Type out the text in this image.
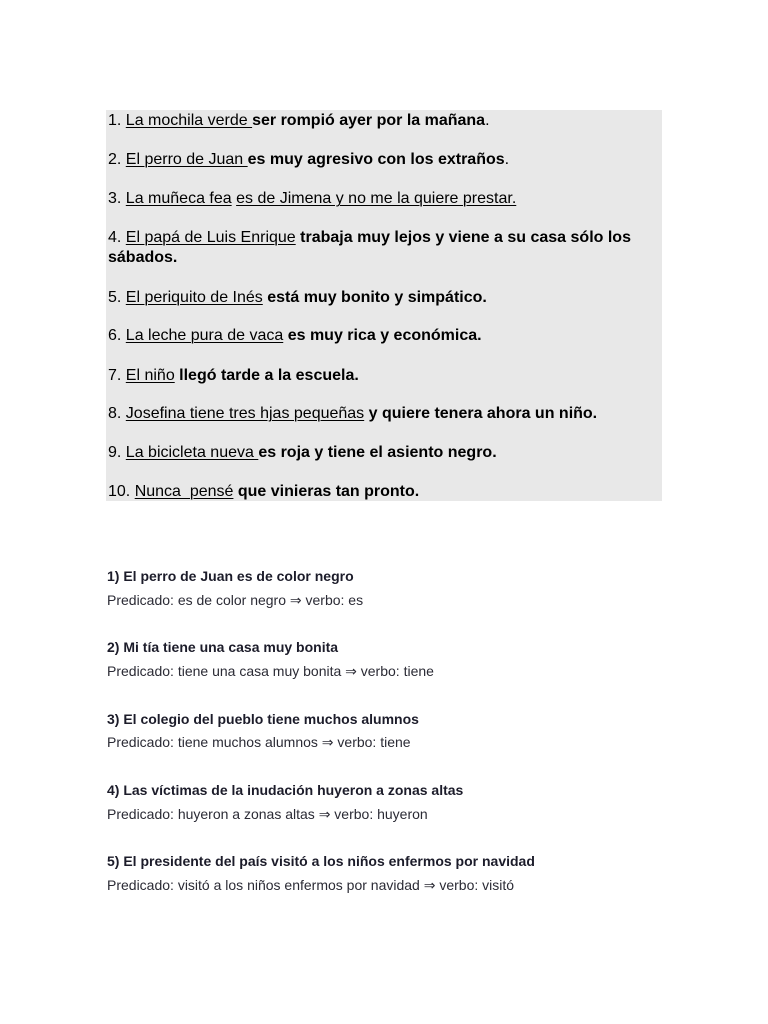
1. La mochila verde ser rompió ayer por la mañana.

2. El perro de Juan es muy agresivo con los extraños.

3. La muñeca fea es de Jimena y no me la quiere prestar.

4. El papá de Luis Enrique trabaja muy lejos y viene a su casa sólo los sábados.

5. El periquito de Inés está muy bonito y simpático.

6. La leche pura de vaca es muy rica y económica.

7. El niño llegó tarde a la escuela.

8. Josefina tiene tres hjas pequeñas y quiere tenera ahora un niño.

9. La bicicleta nueva es roja y tiene el asiento negro.

10. Nunca  pensé que vinieras tan pronto.

1) El perro de Juan es de color negro

Predicado: es de color negro ⇒ verbo: es

2) Mi tía tiene una casa muy bonita

Predicado: tiene una casa muy bonita ⇒ verbo: tiene

3) El colegio del pueblo tiene muchos alumnos

Predicado: tiene muchos alumnos ⇒ verbo: tiene

4) Las víctimas de la inudación huyeron a zonas altas

Predicado: huyeron a zonas altas ⇒ verbo: huyeron

5) El presidente del país visitó a los niños enfermos por navidad

Predicado: visitó a los niños enfermos por navidad ⇒ verbo: visitó
